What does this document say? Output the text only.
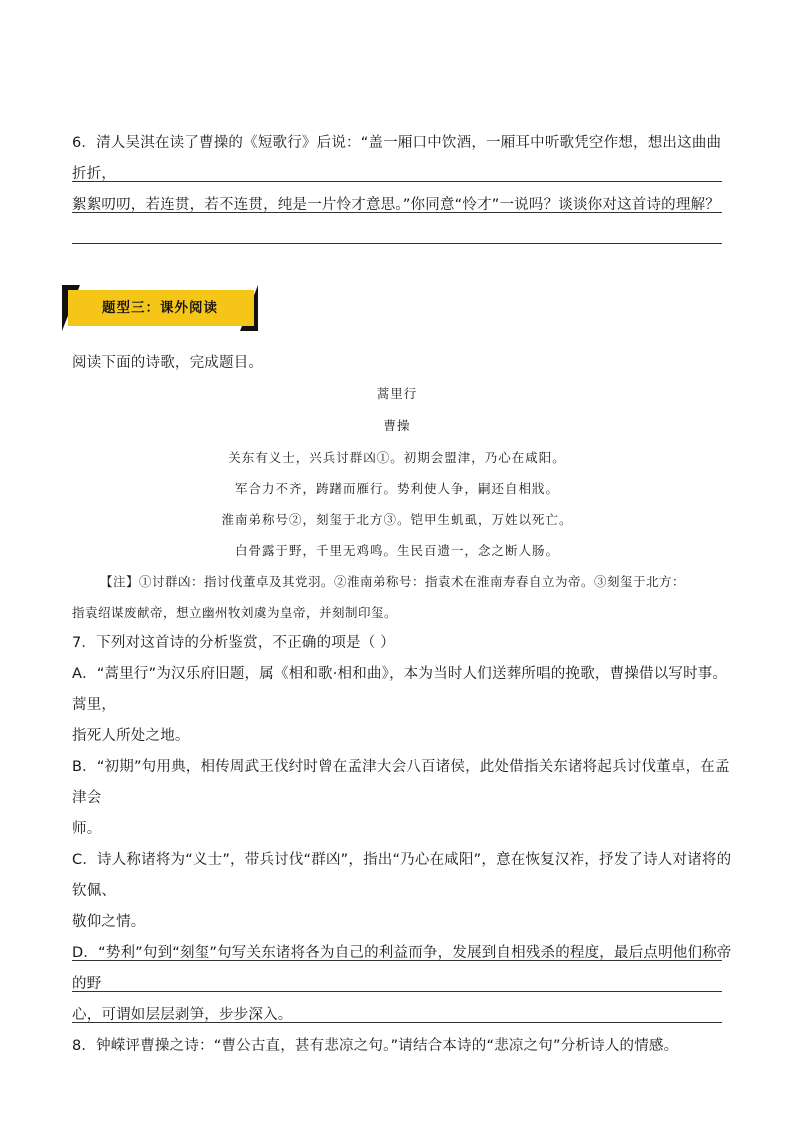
6．清人吴淇在读了曹操的《短歌行》后说：“盖一厢口中饮酒，一厢耳中听歌凭空作想，想出这曲曲折折，
絮絮叨叨，若连贯，若不连贯，纯是一片怜才意思。”你同意“怜才”一说吗？谈谈你对这首诗的理解？
题型三：课外阅读
阅读下面的诗歌，完成题目。
蒿里行
曹操
关东有义士，兴兵讨群凶①。初期会盟津，乃心在咸阳。
军合力不齐，踌躇而雁行。势利使人争，嗣还自相戕。
淮南弟称号②，刻玺于北方③。铠甲生虮虱，万姓以死亡。
白骨露于野，千里无鸡鸣。生民百遗一，念之断人肠。
【注】①讨群凶：指讨伐董卓及其党羽。②淮南弟称号：指袁术在淮南寿春自立为帝。③刻玺于北方：
指袁绍谋废献帝，想立幽州牧刘虞为皇帝，并刻制印玺。
7．下列对这首诗的分析鉴赏，不正确的项是（ ）
A．“蒿里行”为汉乐府旧题，属《相和歌·相和曲》，本为当时人们送葬所唱的挽歌，曹操借以写时事。蒿里，
指死人所处之地。
B．“初期”句用典，相传周武王伐纣时曾在孟津大会八百诸侯，此处借指关东诸将起兵讨伐董卓，在孟津会
师。
C．诗人称诸将为“义士”，带兵讨伐“群凶”，指出“乃心在咸阳”，意在恢复汉祚，抒发了诗人对诸将的钦佩、
敬仰之情。
D．“势利”句到“刻玺”句写关东诸将各为自己的利益而争，发展到自相残杀的程度，最后点明他们称帝的野
心，可谓如层层剥笋，步步深入。
8．钟嵘评曹操之诗：“曹公古直，甚有悲凉之句。”请结合本诗的“悲凉之句”分析诗人的情感。
